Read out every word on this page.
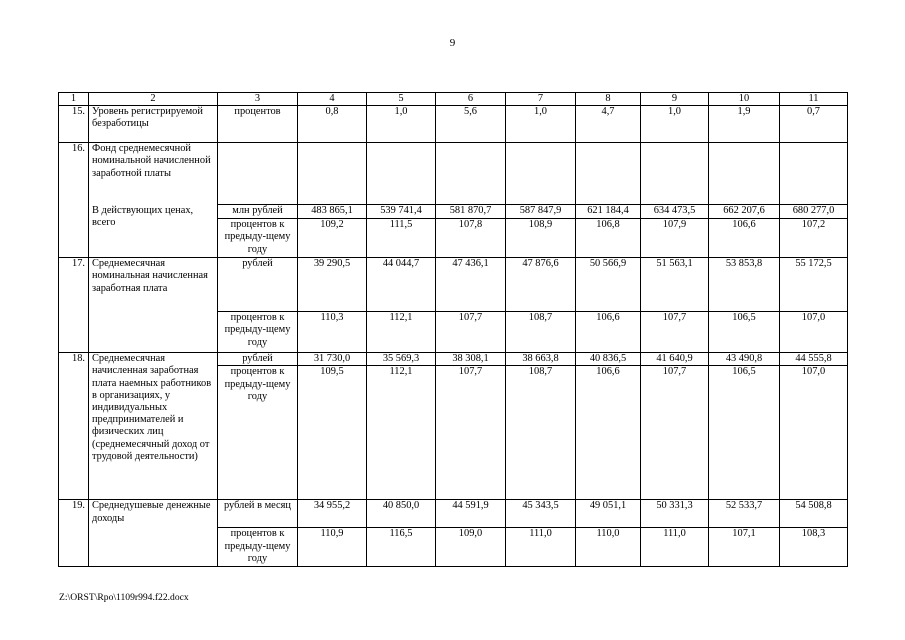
9
1	2	3	4	5	6	7	8	9	10	11
15.	Уровень регистрируемой безработицы	процентов	0,8	1,0	5,6	1,0	4,7	1,0	1,9	0,7
16.	Фонд среднемесячной номинальной начисленной заработной платы									
	В действующих ценах, всего	млн рублей	483 865,1	539 741,4	581 870,7	587 847,9	621 184,4	634 473,5	662 207,6	680 277,0
		процентов к предыду-щему году	109,2	111,5	107,8	108,9	106,8	107,9	106,6	107,2
17.	Среднемесячная номинальная начисленная заработная плата	рублей	39 290,5	44 044,7	47 436,1	47 876,6	50 566,9	51 563,1	53 853,8	55 172,5
		процентов к предыду-щему году	110,3	112,1	107,7	108,7	106,6	107,7	106,5	107,0
18.	Среднемесячная начисленная заработная плата наемных работников в организациях, у индивидуальных предпринимателей и физических лиц (среднемесячный доход от трудовой деятельности)	рублей	31 730,0	35 569,3	38 308,1	38 663,8	40 836,5	41 640,9	43 490,8	44 555,8
		процентов к предыду-щему году	109,5	112,1	107,7	108,7	106,6	107,7	106,5	107,0
19.	Среднедушевые денежные доходы	рублей в месяц	34 955,2	40 850,0	44 591,9	45 343,5	49 051,1	50 331,3	52 533,7	54 508,8
		процентов к предыду-щему году	110,9	116,5	109,0	111,0	110,0	111,0	107,1	108,3
Z:\ORST\Rpo\1109r994.f22.docx
